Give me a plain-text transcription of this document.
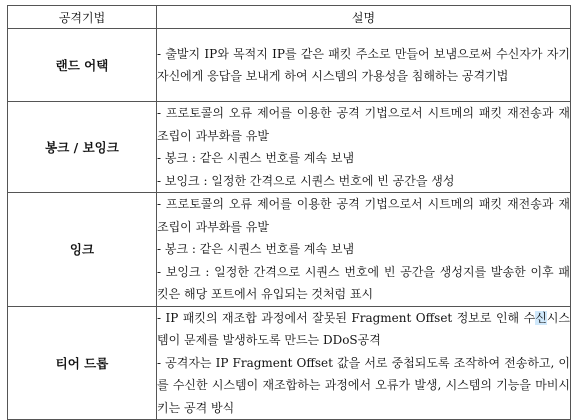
공격기법	설명
랜드 어택	- 출발지 IP와 목적지 IP를 같은 패킷 주소로 만들어 보냄으로써 수신자가 자기 자신에게 응답을 보내게 하여 시스템의 가용성을 침해하는 공격기법

봉크 / 보잉크	- 프로토콜의 오류 제어를 이용한 공격 기법으로서 시트메의 패킷 재전송과 재조립이 과부화를 유발

- 봉크 : 같은 시퀀스 번호를 계속 보냄

- 보잉크 : 일정한 간격으로 시퀀스 번호에 빈 공간을 생성

잉크	- 프로토콜의 오류 제어를 이용한 공격 기법으로서 시트메의 패킷 재전송과 재조립이 과부화를 유발

- 봉크 : 같은 시퀀스 번호를 계속 보냄

- 보잉크 : 일정한 간격으로 시퀀스 번호에 빈 공간을 생성지를 발송한 이후 패킷은 해당 포트에서 유입되는 것처럼 표시

티어 드롭	- IP 패킷의 재조합 과정에서 잘못된 Fragment Offset 정보로 인해 수신시스템이 문제를 발생하도록 만드는 DDoS공격

- 공격자는 IP Fragment Offset 값을 서로 중첩되도록 조작하여 전송하고, 이를 수신한 시스템이 재조합하는 과정에서 오류가 발생, 시스템의 기능을 마비시키는 공격 방식
